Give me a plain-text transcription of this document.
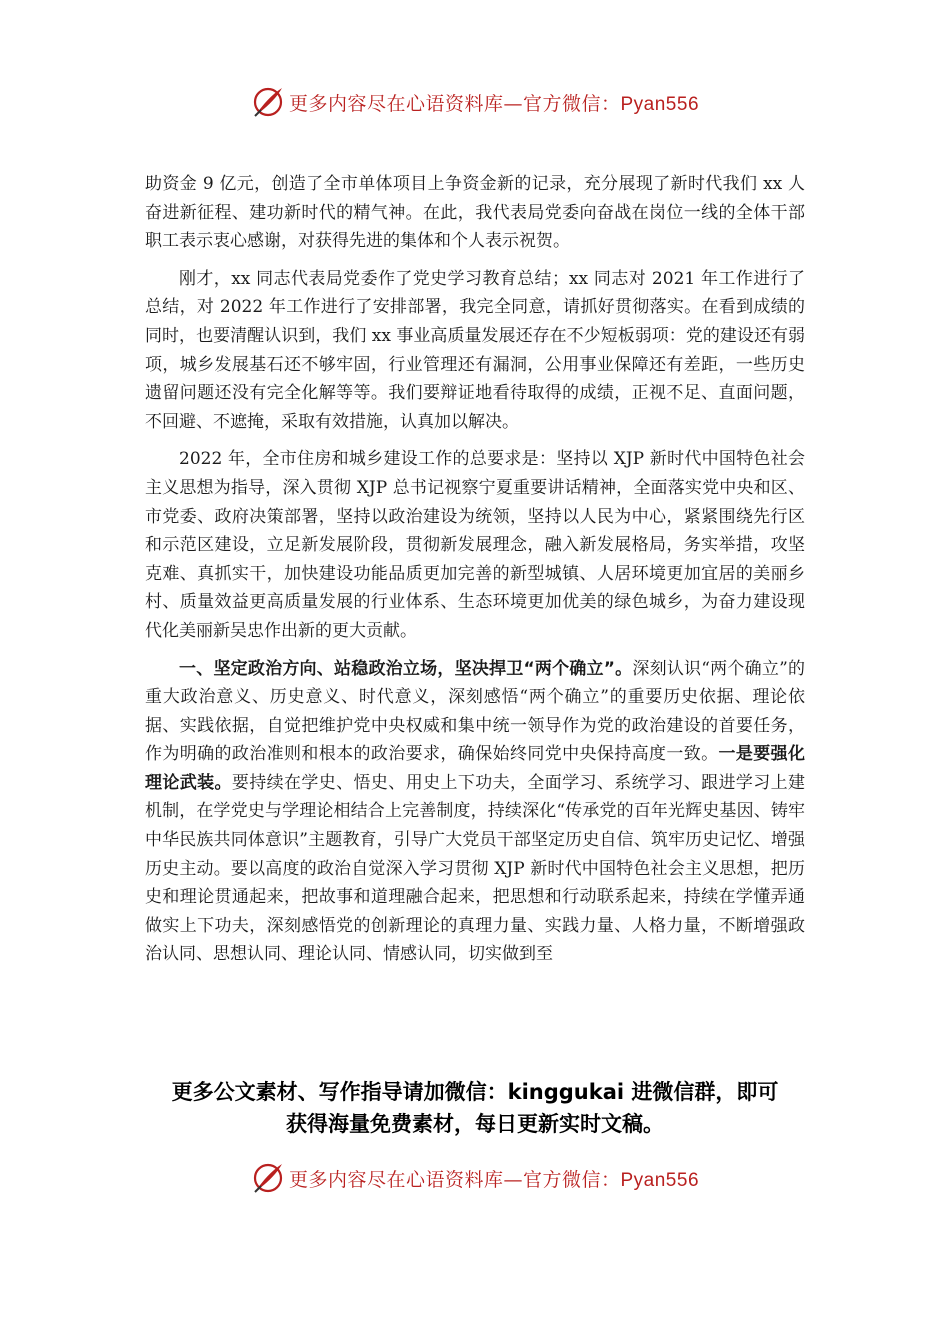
更多内容尽在心语资料库—官方微信：Pyan556

助资金 9 亿元，创造了全市单体项目上争资金新的记录，充分展现了新时代我们 xx 人奋进新征程、建功新时代的精气神。在此，我代表局党委向奋战在岗位一线的全体干部职工表示衷心感谢，对获得先进的集体和个人表示祝贺。

刚才，xx 同志代表局党委作了党史学习教育总结；xx 同志对 2021 年工作进行了总结，对 2022 年工作进行了安排部署，我完全同意，请抓好贯彻落实。在看到成绩的同时，也要清醒认识到，我们 xx 事业高质量发展还存在不少短板弱项：党的建设还有弱项，城乡发展基石还不够牢固，行业管理还有漏洞，公用事业保障还有差距，一些历史遗留问题还没有完全化解等等。我们要辩证地看待取得的成绩，正视不足、直面问题，不回避、不遮掩，采取有效措施，认真加以解决。

2022 年，全市住房和城乡建设工作的总要求是：坚持以 XJP 新时代中国特色社会主义思想为指导，深入贯彻 XJP 总书记视察宁夏重要讲话精神，全面落实党中央和区、市党委、政府决策部署，坚持以政治建设为统领，坚持以人民为中心，紧紧围绕先行区和示范区建设，立足新发展阶段，贯彻新发展理念，融入新发展格局，务实举措，攻坚克难、真抓实干，加快建设功能品质更加完善的新型城镇、人居环境更加宜居的美丽乡村、质量效益更高质量发展的行业体系、生态环境更加优美的绿色城乡，为奋力建设现代化美丽新吴忠作出新的更大贡献。

一、坚定政治方向、站稳政治立场，坚决捍卫“两个确立”。深刻认识“两个确立”的重大政治意义、历史意义、时代意义，深刻感悟“两个确立”的重要历史依据、理论依据、实践依据，自觉把维护党中央权威和集中统一领导作为党的政治建设的首要任务，作为明确的政治准则和根本的政治要求，确保始终同党中央保持高度一致。一是要强化理论武装。要持续在学史、悟史、用史上下功夫，全面学习、系统学习、跟进学习上建机制，在学党史与学理论相结合上完善制度，持续深化“传承党的百年光辉史基因、铸牢中华民族共同体意识”主题教育，引导广大党员干部坚定历史自信、筑牢历史记忆、增强历史主动。要以高度的政治自觉深入学习贯彻 XJP 新时代中国特色社会主义思想，把历史和理论贯通起来，把故事和道理融合起来，把思想和行动联系起来，持续在学懂弄通做实上下功夫，深刻感悟党的创新理论的真理力量、实践力量、人格力量，不断增强政治认同、思想认同、理论认同、情感认同，切实做到至

更多公文素材、写作指导请加微信：kinggukai 进微信群，即可
获得海量免费素材，每日更新实时文稿。
更多内容尽在心语资料库—官方微信：Pyan556
